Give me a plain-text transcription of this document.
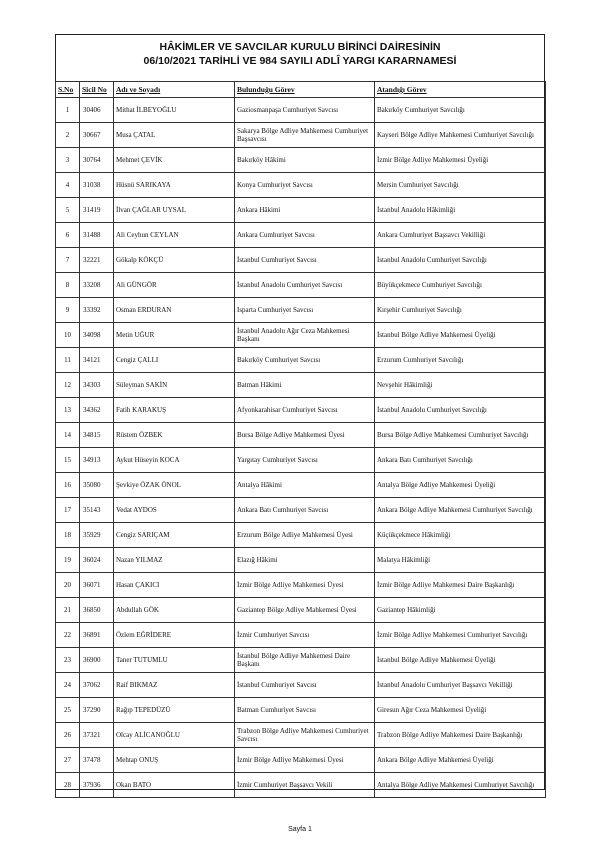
HÂKİMLER VE SAVCILAR KURULU BİRİNCİ DAİRESİNİN
06/10/2021 TARİHLİ VE 984 SAYILI ADLÎ YARGI KARARNAMESİ
S.No	Sicil No	Adı ve Soyadı	Bulunduğu Görev	Atandığı Görev
1	30406	Mithat İLBEYOĞLU	Gaziosmanpaşa Cumhuriyet Savcısı	Bakırköy Cumhuriyet Savcılığı
2	30667	Musa ÇATAL	Sakarya Bölge Adliye Mahkemesi Cumhuriyet Başsavcısı	Kayseri Bölge Adliye Mahkemesi Cumhuriyet Savcılığı
3	30764	Mehmet ÇEVİK	Bakırköy Hâkimi	İzmir Bölge Adliye Mahkemesi Üyeliği
4	31038	Hüsnü SARIKAYA	Konya Cumhuriyet Savcısı	Mersin Cumhuriyet Savcılığı
5	31419	İlvan ÇAĞLAR UYSAL	Ankara Hâkimi	İstanbul Anadolu Hâkimliği
6	31488	Ali Ceyhun CEYLAN	Ankara Cumhuriyet Savcısı	Ankara Cumhuriyet Başsavcı Vekilliği
7	32221	Gökalp KÖKÇÜ	İstanbul Cumhuriyet Savcısı	İstanbul Anadolu Cumhuriyet Savcılığı
8	33208	Ali GÜNGÖR	İstanbul Anadolu Cumhuriyet Savcısı	Büyükçekmece Cumhuriyet Savcılığı
9	33392	Osman ERDURAN	Isparta Cumhuriyet Savcısı	Kırşehir Cumhuriyet Savcılığı
10	34098	Metin UĞUR	İstanbul Anadolu Ağır Ceza Mahkemesi Başkanı	İstanbul Bölge Adliye Mahkemesi Üyeliği
11	34121	Cengiz ÇALLI	Bakırköy Cumhuriyet Savcısı	Erzurum Cumhuriyet Savcılığı
12	34303	Süleyman SAKİN	Batman Hâkimi	Nevşehir Hâkimliği
13	34362	Fatih KARAKUŞ	Afyonkarahisar Cumhuriyet Savcısı	İstanbul Anadolu Cumhuriyet Savcılığı
14	34815	Rüstem ÖZBEK	Bursa Bölge Adliye Mahkemesi Üyesi	Bursa Bölge Adliye Mahkemesi Cumhuriyet Savcılığı
15	34913	Aykut Hüseyin KOCA	Yargıtay Cumhuriyet Savcısı	Ankara Batı Cumhuriyet Savcılığı
16	35080	Şevkiye ÖZAK ÖNOL	Antalya Hâkimi	Antalya Bölge Adliye Mahkemesi Üyeliği
17	35143	Vedat AYDOS	Ankara Batı Cumhuriyet Savcısı	Ankara Bölge Adliye Mahkemesi Cumhuriyet Savcılığı
18	35929	Cengiz SARIÇAM	Erzurum Bölge Adliye Mahkemesi Üyesi	Küçükçekmece Hâkimliği
19	36024	Nazan YILMAZ	Elazığ Hâkimi	Malatya Hâkimliği
20	36071	Hasan ÇAKICI	İzmir Bölge Adliye Mahkemesi Üyesi	İzmir Bölge Adliye Mahkemesi Daire Başkanlığı
21	36850	Abdullah GÖK	Gaziantep Bölge Adliye Mahkemesi Üyesi	Gaziantep Hâkimliği
22	36891	Özlem EĞRİDERE	İzmir Cumhuriyet Savcısı	İzmir Bölge Adliye Mahkemesi Cumhuriyet Savcılığı
23	36900	Taner TUTUMLU	İstanbul Bölge Adliye Mahkemesi Daire Başkanı	İstanbul Bölge Adliye Mahkemesi Üyeliği
24	37062	Raif BIKMAZ	İstanbul Cumhuriyet Savcısı	İstanbul Anadolu Cumhuriyet Başsavcı Vekilliği
25	37290	Rağıp TEPEDÜZÜ	Batman Cumhuriyet Savcısı	Giresun Ağır Ceza Mahkemesi Üyeliği
26	37321	Olcay ALİCANOĞLU	Trabzon Bölge Adliye Mahkemesi Cumhuriyet Savcısı	Trabzon Bölge Adliye Mahkemesi Daire Başkanlığı
27	37478	Mehtap ONUŞ	İzmir Bölge Adliye Mahkemesi Üyesi	Ankara Bölge Adliye Mahkemesi Üyeliği
28	37936	Okan BATO	İzmir Cumhuriyet Başsavcı Vekili	Antalya Bölge Adliye Mahkemesi Cumhuriyet Savcılığı
Sayfa 1
